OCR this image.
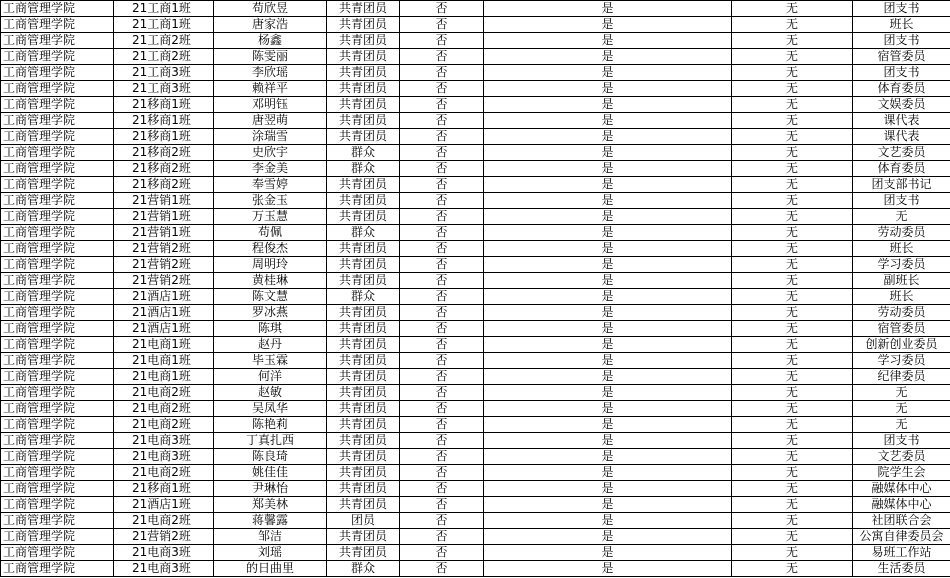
工商管理学院	21工商1班	苟欣昱	共青团员	否	是	无	团支书
工商管理学院	21工商1班	唐家浩	共青团员	否	是	无	班长
工商管理学院	21工商2班	杨鑫	共青团员	否	是	无	团支书
工商管理学院	21工商2班	陈雯丽	共青团员	否	是	无	宿管委员
工商管理学院	21工商3班	李欣瑶	共青团员	否	是	无	团支书
工商管理学院	21工商3班	赖祥平	共青团员	否	是	无	体育委员
工商管理学院	21移商1班	邓明钰	共青团员	否	是	无	文娱委员
工商管理学院	21移商1班	唐翌萌	共青团员	否	是	无	课代表
工商管理学院	21移商1班	涂瑞雪	共青团员	否	是	无	课代表
工商管理学院	21移商2班	史欣宇	群众	否	是	无	文艺委员
工商管理学院	21移商2班	李金美	群众	否	是	无	体育委员
工商管理学院	21移商2班	奉雪婷	共青团员	否	是	无	团支部书记
工商管理学院	21营销1班	张金玉	共青团员	否	是	无	团支书
工商管理学院	21营销1班	万玉慧	共青团员	否	是	无	无
工商管理学院	21营销1班	苟佩	群众	否	是	无	劳动委员
工商管理学院	21营销2班	程俊杰	共青团员	否	是	无	班长
工商管理学院	21营销2班	周明玲	共青团员	否	是	无	学习委员
工商管理学院	21营销2班	黄桂琳	共青团员	否	是	无	副班长
工商管理学院	21酒店1班	陈文慧	群众	否	是	无	班长
工商管理学院	21酒店1班	罗冰燕	共青团员	否	是	无	劳动委员
工商管理学院	21酒店1班	陈琪	共青团员	否	是	无	宿管委员
工商管理学院	21电商1班	赵丹	共青团员	否	是	无	创新创业委员
工商管理学院	21电商1班	毕玉霖	共青团员	否	是	无	学习委员
工商管理学院	21电商1班	何洋	共青团员	否	是	无	纪律委员
工商管理学院	21电商2班	赵敏	共青团员	否	是	无	无
工商管理学院	21电商2班	吴凤华	共青团员	否	是	无	无
工商管理学院	21电商2班	陈艳莉	共青团员	否	是	无	无
工商管理学院	21电商3班	丁真扎西	共青团员	否	是	无	团支书
工商管理学院	21电商3班	陈良琦	共青团员	否	是	无	文艺委员
工商管理学院	21电商2班	姚佳佳	共青团员	否	是	无	院学生会
工商管理学院	21移商1班	尹琳怡	共青团员	否	是	无	融媒体中心
工商管理学院	21酒店1班	郑美林	共青团员	否	是	无	融媒体中心
工商管理学院	21电商2班	蒋馨露	团员	否	是	无	社团联合会
工商管理学院	21营销2班	邹洁	共青团员	否	是	无	公寓自律委员会
工商管理学院	21电商3班	刘瑶	共青团员	否	是	无	易班工作站
工商管理学院	21电商3班	的日曲里	群众	否	是	无	生活委员
